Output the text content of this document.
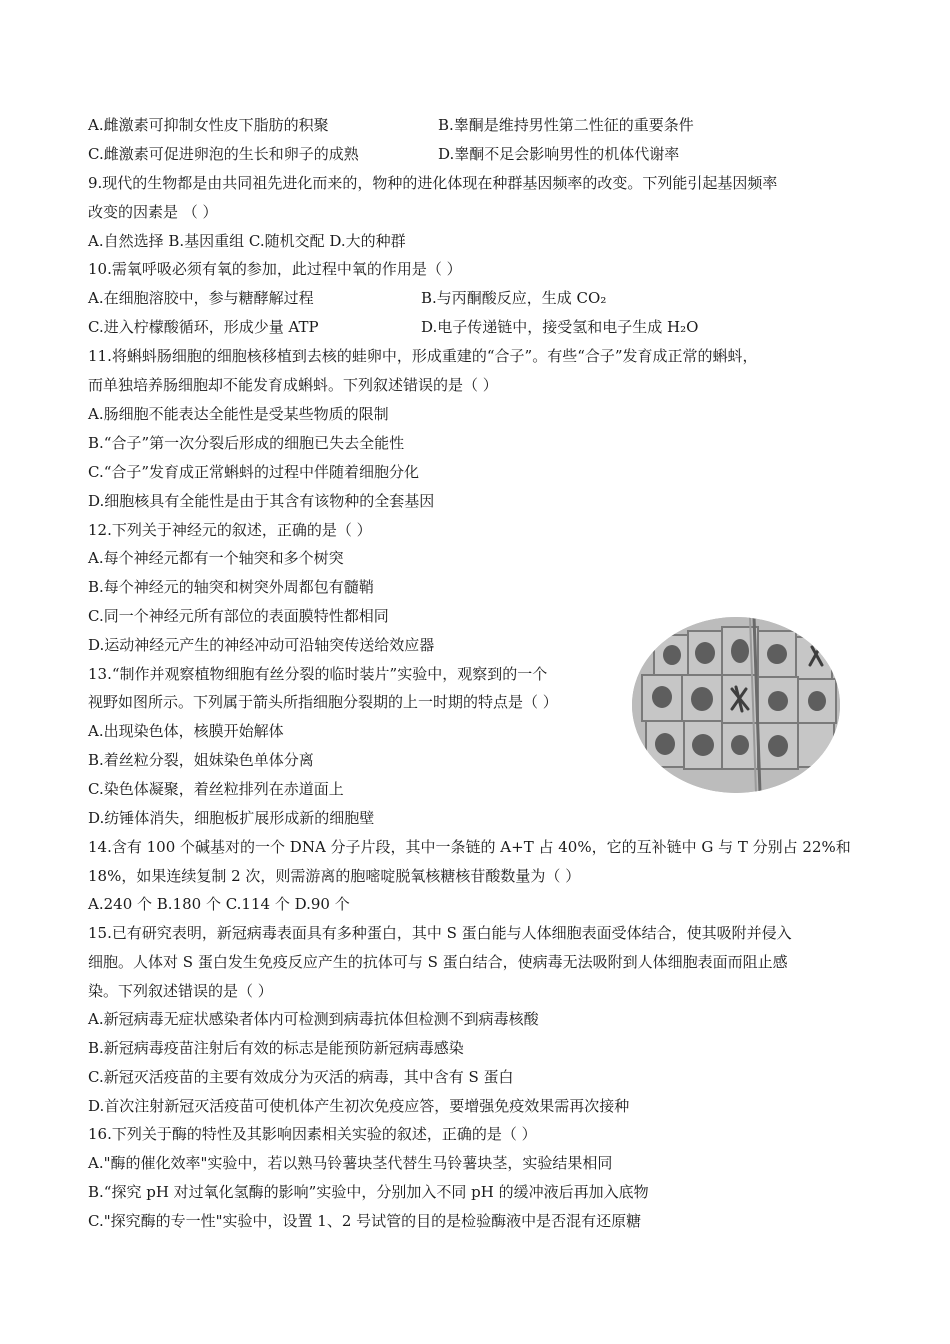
A.雌激素可抑制女性皮下脂肪的积聚	B.睾酮是维持男性第二性征的重要条件
C.雌激素可促进卵泡的生长和卵子的成熟	D.睾酮不足会影响男性的机体代谢率
9.现代的生物都是由共同祖先进化而来的，物种的进化体现在种群基因频率的改变。下列能引起基因频率
改变的因素是 （ ）
A.自然选择 B.基因重组 C.随机交配 D.大的种群
10.需氧呼吸必须有氧的参加，此过程中氧的作用是（ ）
A.在细胞溶胶中，参与糖酵解过程	B.与丙酮酸反应，生成 CO₂
C.进入柠檬酸循环，形成少量 ATP	D.电子传递链中，接受氢和电子生成 H₂O
11.将蝌蚪肠细胞的细胞核移植到去核的蛙卵中，形成重建的“合子”。有些“合子”发育成正常的蝌蚪，
而单独培养肠细胞却不能发育成蝌蚪。下列叙述错误的是（ ）
A.肠细胞不能表达全能性是受某些物质的限制
B.“合子”第一次分裂后形成的细胞已失去全能性
C.“合子”发育成正常蝌蚪的过程中伴随着细胞分化
D.细胞核具有全能性是由于其含有该物种的全套基因
12.下列关于神经元的叙述，正确的是（ ）
A.每个神经元都有一个轴突和多个树突
B.每个神经元的轴突和树突外周都包有髓鞘
C.同一个神经元所有部位的表面膜特性都相同
D.运动神经元产生的神经冲动可沿轴突传送给效应器
13.“制作并观察植物细胞有丝分裂的临时装片”实验中，观察到的一个
视野如图所示。下列属于箭头所指细胞分裂期的上一时期的特点是（ ）
A.出现染色体，核膜开始解体
B.着丝粒分裂，姐妹染色单体分离
C.染色体凝聚，着丝粒排列在赤道面上
D.纺锤体消失，细胞板扩展形成新的细胞壁
14.含有 100 个碱基对的一个 DNA 分子片段，其中一条链的 A+T 占 40%，它的互补链中 G 与 T 分别占 22%和
18%，如果连续复制 2 次，则需游离的胞嘧啶脱氧核糖核苷酸数量为（ ）
A.240 个 B.180 个 C.114 个 D.90 个
15.已有研究表明，新冠病毒表面具有多种蛋白，其中 S 蛋白能与人体细胞表面受体结合，使其吸附并侵入
细胞。人体对 S 蛋白发生免疫反应产生的抗体可与 S 蛋白结合，使病毒无法吸附到人体细胞表面而阻止感
染。下列叙述错误的是（ ）
A.新冠病毒无症状感染者体内可检测到病毒抗体但检测不到病毒核酸
B.新冠病毒疫苗注射后有效的标志是能预防新冠病毒感染
C.新冠灭活疫苗的主要有效成分为灭活的病毒，其中含有 S 蛋白
D.首次注射新冠灭活疫苗可使机体产生初次免疫应答，要增强免疫效果需再次接种
16.下列关于酶的特性及其影响因素相关实验的叙述，正确的是（ ）
A."酶的催化效率"实验中，若以熟马铃薯块茎代替生马铃薯块茎，实验结果相同
B.“探究 pH 对过氧化氢酶的影响”实验中，分别加入不同 pH 的缓冲液后再加入底物
C."探究酶的专一性"实验中，设置 1、2 号试管的目的是检验酶液中是否混有还原糖
